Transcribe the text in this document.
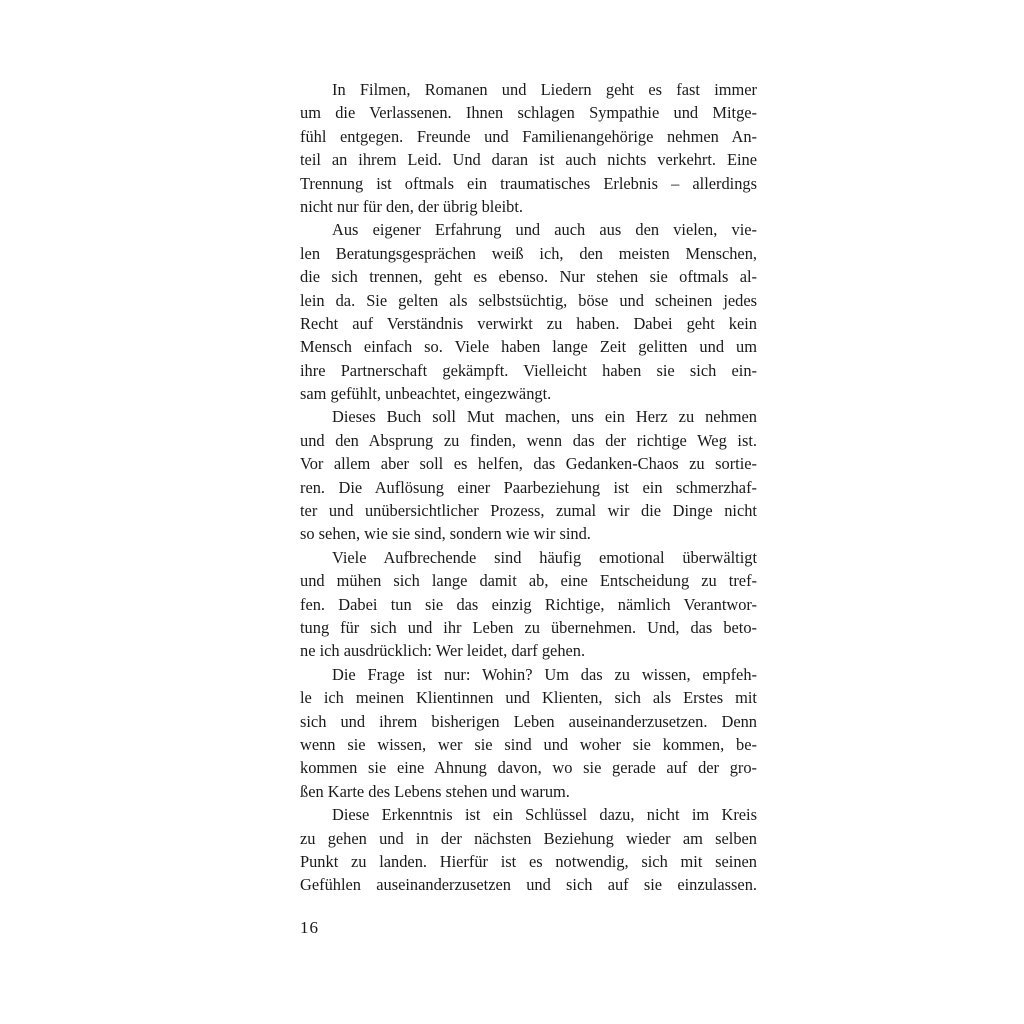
In Filmen, Romanen und Liedern geht es fast immer
um die Verlassenen. Ihnen schlagen Sympathie und Mitge-
fühl entgegen. Freunde und Familienangehörige nehmen An-
teil an ihrem Leid. Und daran ist auch nichts verkehrt. Eine
Trennung ist oftmals ein traumatisches Erlebnis – allerdings
nicht nur für den, der übrig bleibt.
Aus eigener Erfahrung und auch aus den vielen, vie-
len Beratungsgesprächen weiß ich, den meisten Menschen,
die sich trennen, geht es ebenso. Nur stehen sie oftmals al-
lein da. Sie gelten als selbstsüchtig, böse und scheinen jedes
Recht auf Verständnis verwirkt zu haben. Dabei geht kein
Mensch einfach so. Viele haben lange Zeit gelitten und um
ihre Partnerschaft gekämpft. Vielleicht haben sie sich ein-
sam gefühlt, unbeachtet, eingezwängt.
Dieses Buch soll Mut machen, uns ein Herz zu nehmen
und den Absprung zu finden, wenn das der richtige Weg ist.
Vor allem aber soll es helfen, das Gedanken-Chaos zu sortie-
ren. Die Auflösung einer Paarbeziehung ist ein schmerzhaf-
ter und unübersichtlicher Prozess, zumal wir die Dinge nicht
so sehen, wie sie sind, sondern wie wir sind.
Viele Aufbrechende sind häufig emotional überwältigt
und mühen sich lange damit ab, eine Entscheidung zu tref-
fen. Dabei tun sie das einzig Richtige, nämlich Verantwor-
tung für sich und ihr Leben zu übernehmen. Und, das beto-
ne ich ausdrücklich: Wer leidet, darf gehen.
Die Frage ist nur: Wohin? Um das zu wissen, empfeh-
le ich meinen Klientinnen und Klienten, sich als Erstes mit
sich und ihrem bisherigen Leben auseinanderzusetzen. Denn
wenn sie wissen, wer sie sind und woher sie kommen, be-
kommen sie eine Ahnung davon, wo sie gerade auf der gro-
ßen Karte des Lebens stehen und warum.
Diese Erkenntnis ist ein Schlüssel dazu, nicht im Kreis
zu gehen und in der nächsten Beziehung wieder am selben
Punkt zu landen. Hierfür ist es notwendig, sich mit seinen
Gefühlen auseinanderzusetzen und sich auf sie einzulassen.
16
